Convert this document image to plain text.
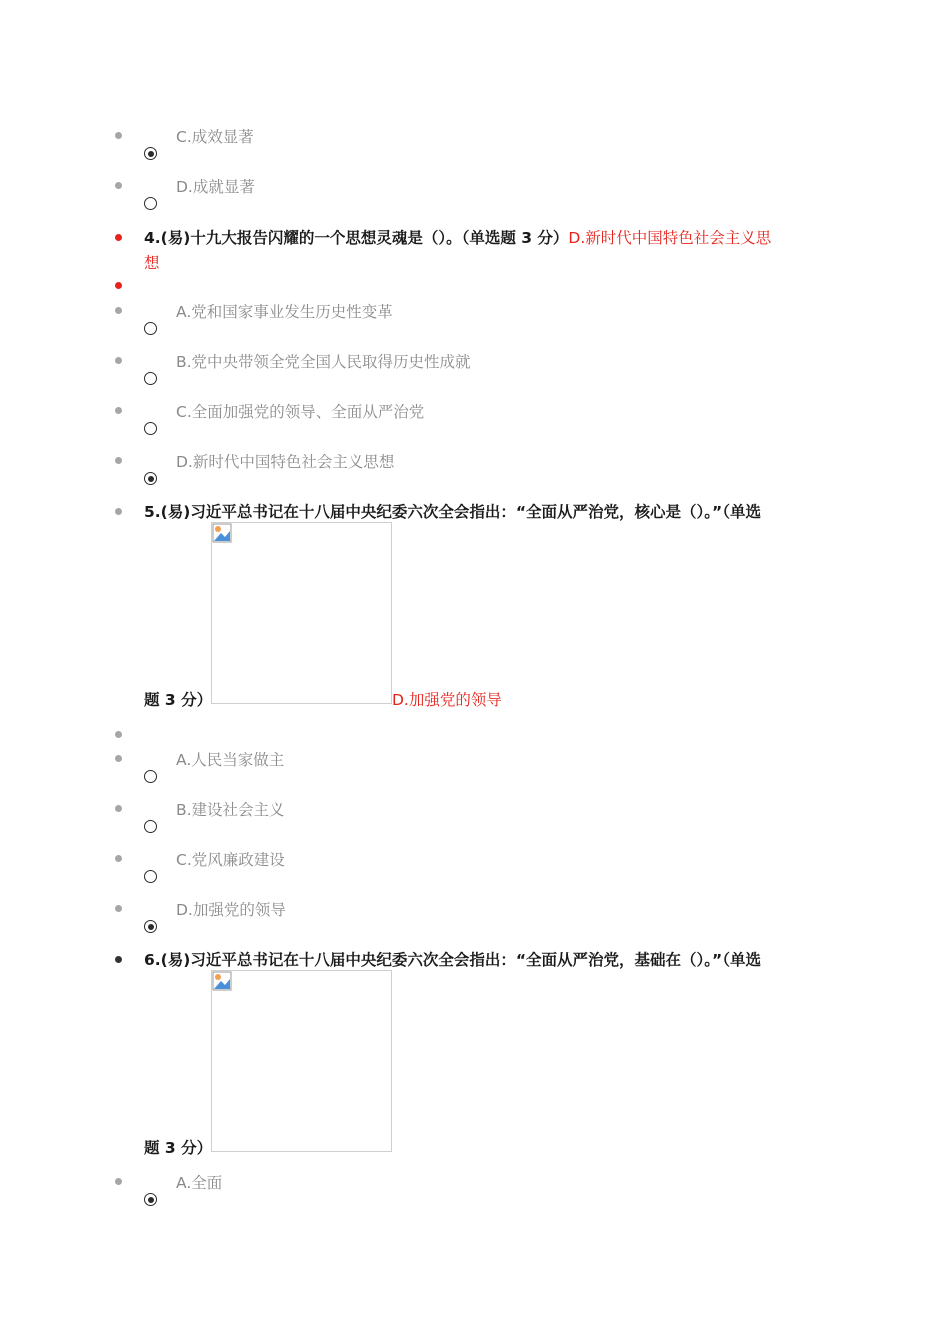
C.成效显著
D.成就显著
4.(易)十九大报告闪耀的一个思想灵魂是（）。（单选题 3 分）D.新时代中国特色社会主义思
想
A.党和国家事业发生历史性变革
B.党中央带领全党全国人民取得历史性成就
C.全面加强党的领导、全面从严治党
D.新时代中国特色社会主义思想
5.(易)习近平总书记在十八届中央纪委六次全会指出：“全面从严治党，核心是（）。”（单选
题 3 分）	D.加强党的领导
A.人民当家做主
B.建设社会主义
C.党风廉政建设
D.加强党的领导
6.(易)习近平总书记在十八届中央纪委六次全会指出：“全面从严治党，基础在（）。”（单选
题 3 分）
A.全面
